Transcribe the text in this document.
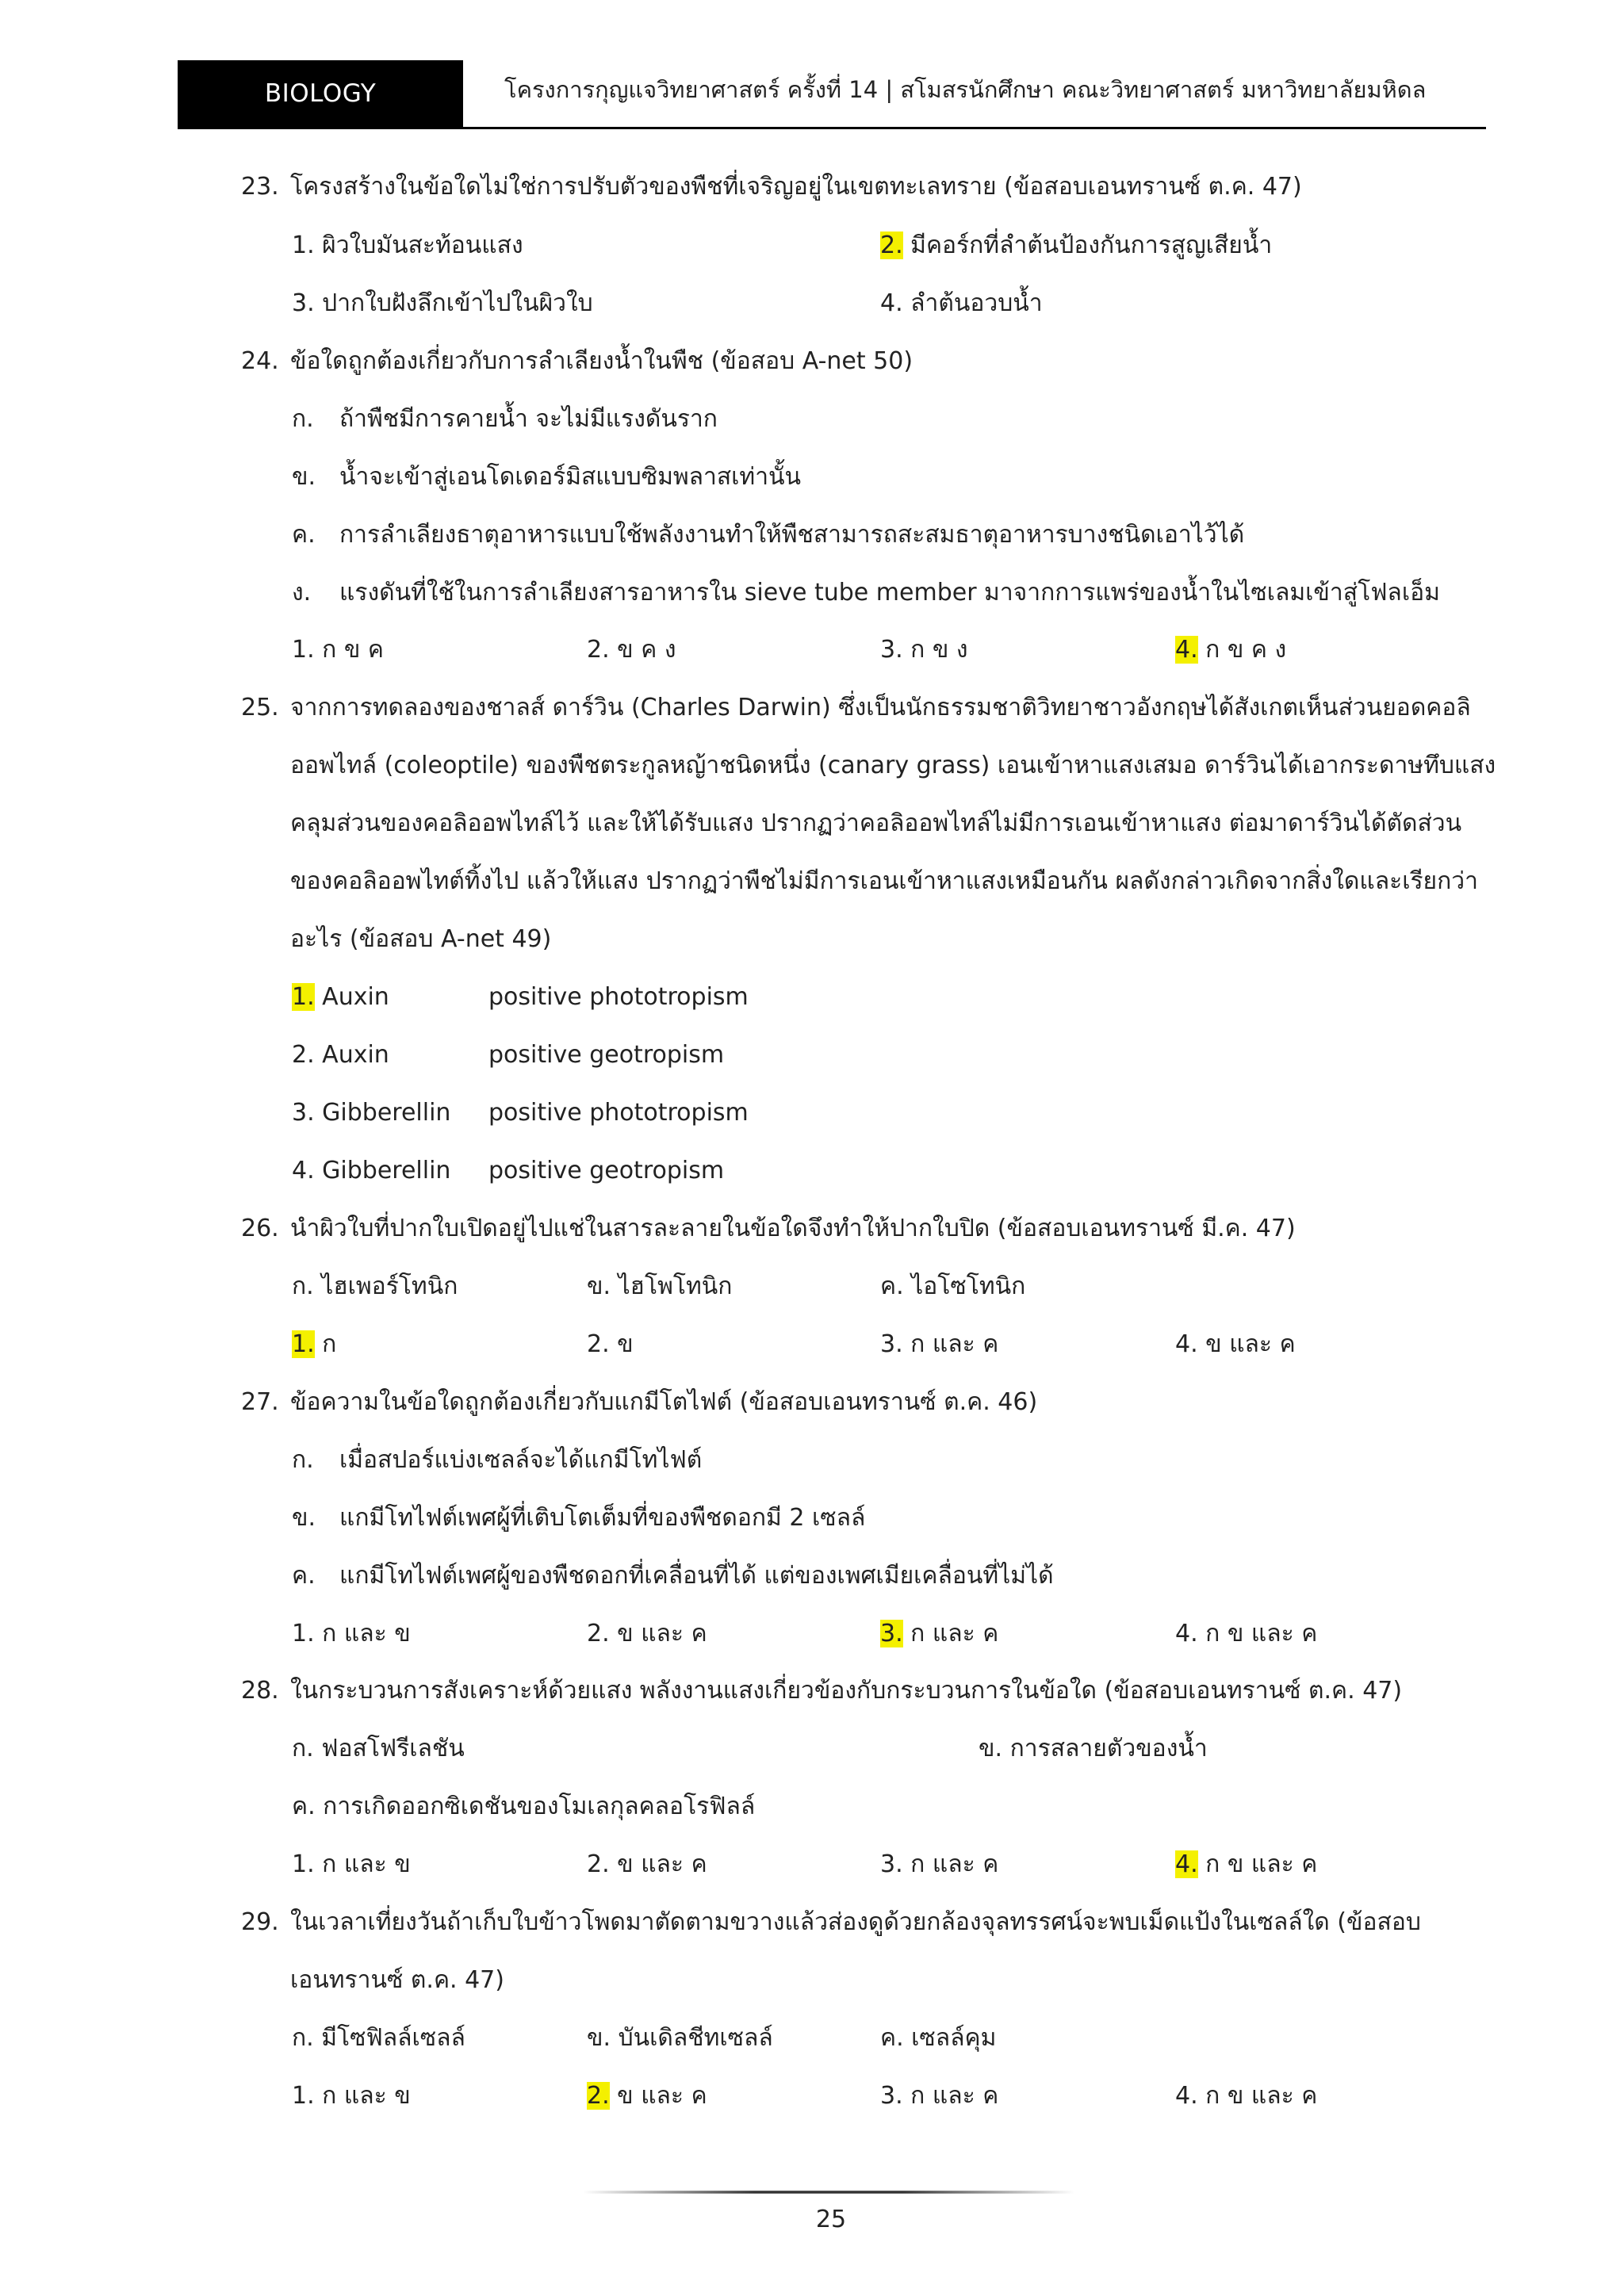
BIOLOGY	โครงการกุญแจวิทยาศาสตร์ ครั้งที่ 14 | สโมสรนักศึกษา คณะวิทยาศาสตร์ มหาวิทยาลัยมหิดล
23. โครงสร้างในข้อใดไม่ใช่การปรับตัวของพืชที่เจริญอยู่ในเขตทะเลทราย (ข้อสอบเอนทรานซ์ ต.ค. 47)
1. ผิวใบมันสะท้อนแสง	2. มีคอร์กที่ลำต้นป้องกันการสูญเสียน้ำ
3. ปากใบฝังลึกเข้าไปในผิวใบ	4. ลำต้นอวบน้ำ
24. ข้อใดถูกต้องเกี่ยวกับการลำเลียงน้ำในพืช (ข้อสอบ A-net 50)
ก. ถ้าพืชมีการคายน้ำ จะไม่มีแรงดันราก
ข. น้ำจะเข้าสู่เอนโดเดอร์มิสแบบซิมพลาสเท่านั้น
ค. การลำเลียงธาตุอาหารแบบใช้พลังงานทำให้พืชสามารถสะสมธาตุอาหารบางชนิดเอาไว้ได้
ง. แรงดันที่ใช้ในการลำเลียงสารอาหารใน sieve tube member มาจากการแพร่ของน้ำในไซเลมเข้าสู่โฟลเอ็ม
1. ก ข ค	2. ข ค ง	3. ก ข ง	4. ก ข ค ง
25. จากการทดลองของชาลส์ ดาร์วิน (Charles Darwin) ซึ่งเป็นนักธรรมชาติวิทยาชาวอังกฤษได้สังเกตเห็นส่วนยอดคอลิ
ออพไทล์ (coleoptile) ของพืชตระกูลหญ้าชนิดหนึ่ง (canary grass) เอนเข้าหาแสงเสมอ ดาร์วินได้เอากระดาษทึบแสง
คลุมส่วนของคอลิออพไทล์ไว้ และให้ได้รับแสง ปรากฏว่าคอลิออพไทล์ไม่มีการเอนเข้าหาแสง ต่อมาดาร์วินได้ตัดส่วน
ของคอลิออพไทต์ทิ้งไป แล้วให้แสง ปรากฏว่าพืชไม่มีการเอนเข้าหาแสงเหมือนกัน ผลดังกล่าวเกิดจากสิ่งใดและเรียกว่า
อะไร (ข้อสอบ A-net 49)
1. Auxin	positive phototropism
2. Auxin	positive geotropism
3. Gibberellin positive phototropism
4. Gibberellin positive geotropism
26. นำผิวใบที่ปากใบเปิดอยู่ไปแช่ในสารละลายในข้อใดจึงทำให้ปากใบปิด (ข้อสอบเอนทรานซ์ มี.ค. 47)
ก. ไฮเพอร์โทนิก	ข. ไฮโพโทนิก	ค. ไอโซโทนิก
1. ก	2. ข	3. ก และ ค	4. ข และ ค
27. ข้อความในข้อใดถูกต้องเกี่ยวกับแกมีโตไฟต์ (ข้อสอบเอนทรานซ์ ต.ค. 46)
ก. เมื่อสปอร์แบ่งเซลล์จะได้แกมีโทไฟต์
ข. แกมีโทไฟต์เพศผู้ที่เติบโตเต็มที่ของพืชดอกมี 2 เซลล์
ค. แกมีโทไฟต์เพศผู้ของพืชดอกที่เคลื่อนที่ได้ แต่ของเพศเมียเคลื่อนที่ไม่ได้
1. ก และ ข	2. ข และ ค	3. ก และ ค	4. ก ข และ ค
28. ในกระบวนการสังเคราะห์ด้วยแสง พลังงานแสงเกี่ยวข้องกับกระบวนการในข้อใด (ข้อสอบเอนทรานซ์ ต.ค. 47)
ก. ฟอสโฟรีเลชัน	ข. การสลายตัวของน้ำ
ค. การเกิดออกซิเดชันของโมเลกุลคลอโรฟิลล์
1. ก และ ข	2. ข และ ค	3. ก และ ค	4. ก ข และ ค
29. ในเวลาเที่ยงวันถ้าเก็บใบข้าวโพดมาตัดตามขวางแล้วส่องดูด้วยกล้องจุลทรรศน์จะพบเม็ดแป้งในเซลล์ใด (ข้อสอบ
เอนทรานซ์ ต.ค. 47)
ก. มีโซฟิลล์เซลล์	ข. บันเดิลชีทเซลล์	ค. เซลล์คุม
1. ก และ ข	2. ข และ ค	3. ก และ ค	4. ก ข และ ค
25
